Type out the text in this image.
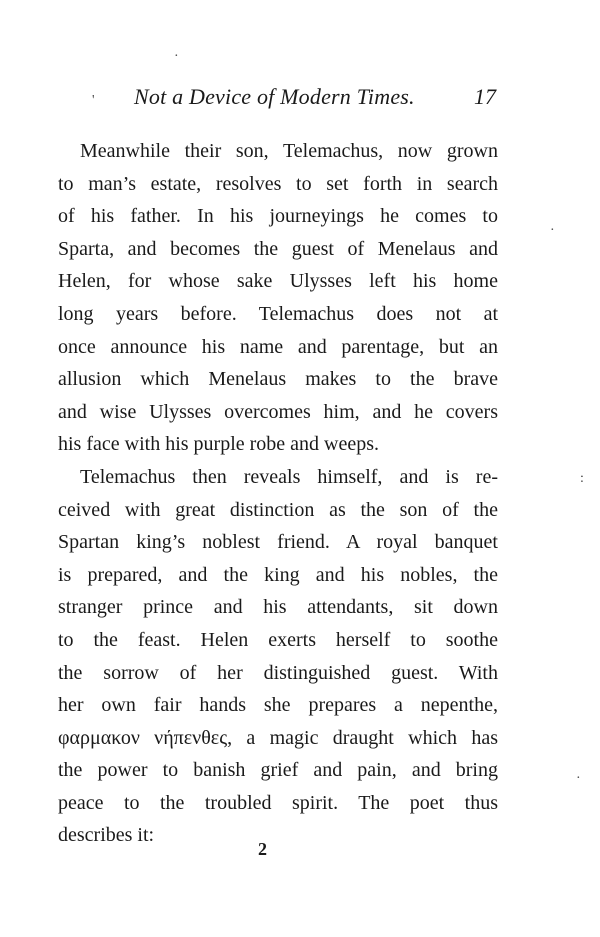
Not a Device of Modern Times.	17
·
'
·
:
·
Meanwhile their son, Telemachus, now grown
to man’s estate, resolves to set forth in search
of his father. In his journeyings he comes to
Sparta, and becomes the guest of Menelaus and
Helen, for whose sake Ulysses left his home
long years before. Telemachus does not at
once announce his name and parentage, but an
allusion which Menelaus makes to the brave
and wise Ulysses overcomes him, and he covers
his face with his purple robe and weeps.
Telemachus then reveals himself, and is re-
ceived with great distinction as the son of the
Spartan king’s noblest friend. A royal banquet
is prepared, and the king and his nobles, the
stranger prince and his attendants, sit down
to the feast. Helen exerts herself to soothe
the sorrow of her distinguished guest. With
her own fair hands she prepares a nepenthe,
φαρμακον νήπενθες, a magic draught which has
the power to banish grief and pain, and bring
peace to the troubled spirit. The poet thus
describes it:
2
